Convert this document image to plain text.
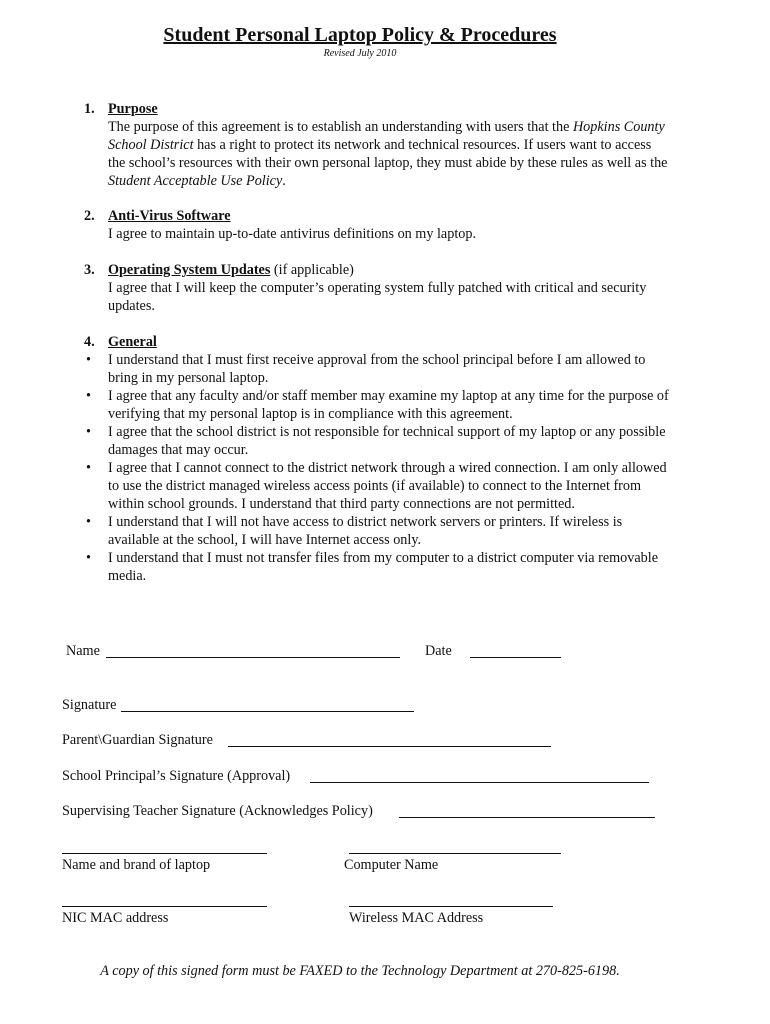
Student Personal Laptop Policy & Procedures
Revised July 2010
1. Purpose
The purpose of this agreement is to establish an understanding with users that the Hopkins County School District has a right to protect its network and technical resources. If users want to access the school’s resources with their own personal laptop, they must abide by these rules as well as the Student Acceptable Use Policy.
2. Anti-Virus Software
I agree to maintain up-to-date antivirus definitions on my laptop.
3. Operating System Updates (if applicable)
I agree that I will keep the computer’s operating system fully patched with critical and security updates.
4. General
• I understand that I must first receive approval from the school principal before I am allowed to bring in my personal laptop.
• I agree that any faculty and/or staff member may examine my laptop at any time for the purpose of verifying that my personal laptop is in compliance with this agreement.
• I agree that the school district is not responsible for technical support of my laptop or any possible damages that may occur.
• I agree that I cannot connect to the district network through a wired connection. I am only allowed to use the district managed wireless access points (if available) to connect to the Internet from within school grounds. I understand that third party connections are not permitted.
• I understand that I will not have access to district network servers or printers. If wireless is available at the school, I will have Internet access only.
• I understand that I must not transfer files from my computer to a district computer via removable media.
Name	Date
Signature
Parent\Guardian Signature
School Principal’s Signature (Approval)
Supervising Teacher Signature (Acknowledges Policy)
Name and brand of laptop	Computer Name
NIC MAC address	Wireless MAC Address
A copy of this signed form must be FAXED to the Technology Department at 270-825-6198.
